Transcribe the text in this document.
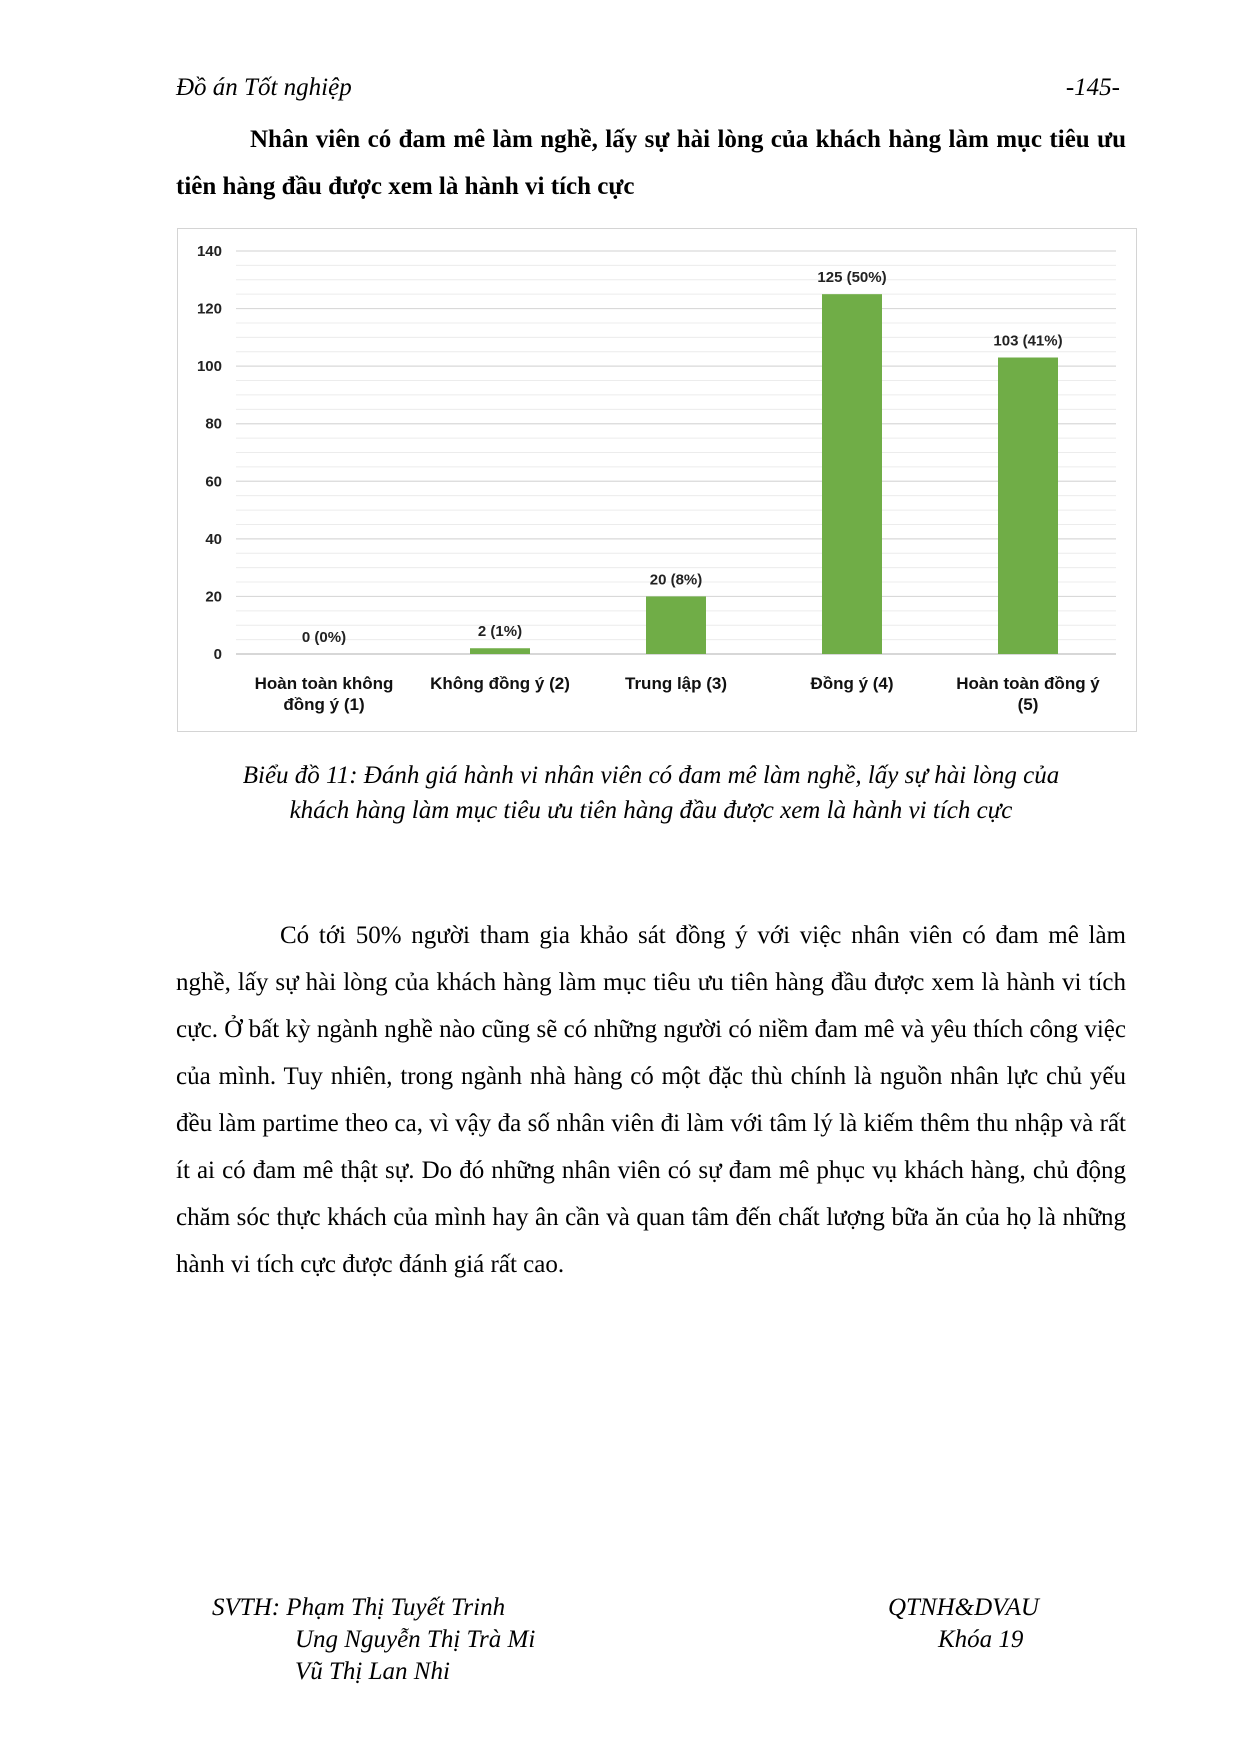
Đồ án Tốt nghiệp	-145-
Nhân viên có đam mê làm nghề, lấy sự hài lòng của khách hàng làm mục tiêu ưu tiên hàng đầu được xem là hành vi tích cực
0
20
40
60
80
100
120
140
0 (0%)
Hoàn toàn không
đồng ý (1)
2 (1%)
Không đồng ý (2)
20 (8%)
Trung lập (3)
125 (50%)
Đồng ý (4)
103 (41%)
Hoàn toàn đồng ý
(5)
Biểu đồ 11: Đánh giá hành vi nhân viên có đam mê làm nghề, lấy sự hài lòng của
khách hàng làm mục tiêu ưu tiên hàng đầu được xem là hành vi tích cực
Có tới 50% người tham gia khảo sát đồng ý với việc nhân viên có đam mê làm nghề, lấy sự hài lòng của khách hàng làm mục tiêu ưu tiên hàng đầu được xem là hành vi tích cực. Ở bất kỳ ngành nghề nào cũng sẽ có những người có niềm đam mê và yêu thích công việc của mình. Tuy nhiên, trong ngành nhà hàng có một đặc thù chính là nguồn nhân lực chủ yếu đều làm partime theo ca, vì vậy đa số nhân viên đi làm với tâm lý là kiếm thêm thu nhập và rất ít ai có đam mê thật sự. Do đó những nhân viên có sự đam mê phục vụ khách hàng, chủ động chăm sóc thực khách của mình hay ân cần và quan tâm đến chất lượng bữa ăn của họ là những hành vi tích cực được đánh giá rất cao.
SVTH: Phạm Thị Tuyết Trinh
Ung Nguyễn Thị Trà Mi
Vũ Thị Lan Nhi
QTNH&DVAU
Khóa 19
